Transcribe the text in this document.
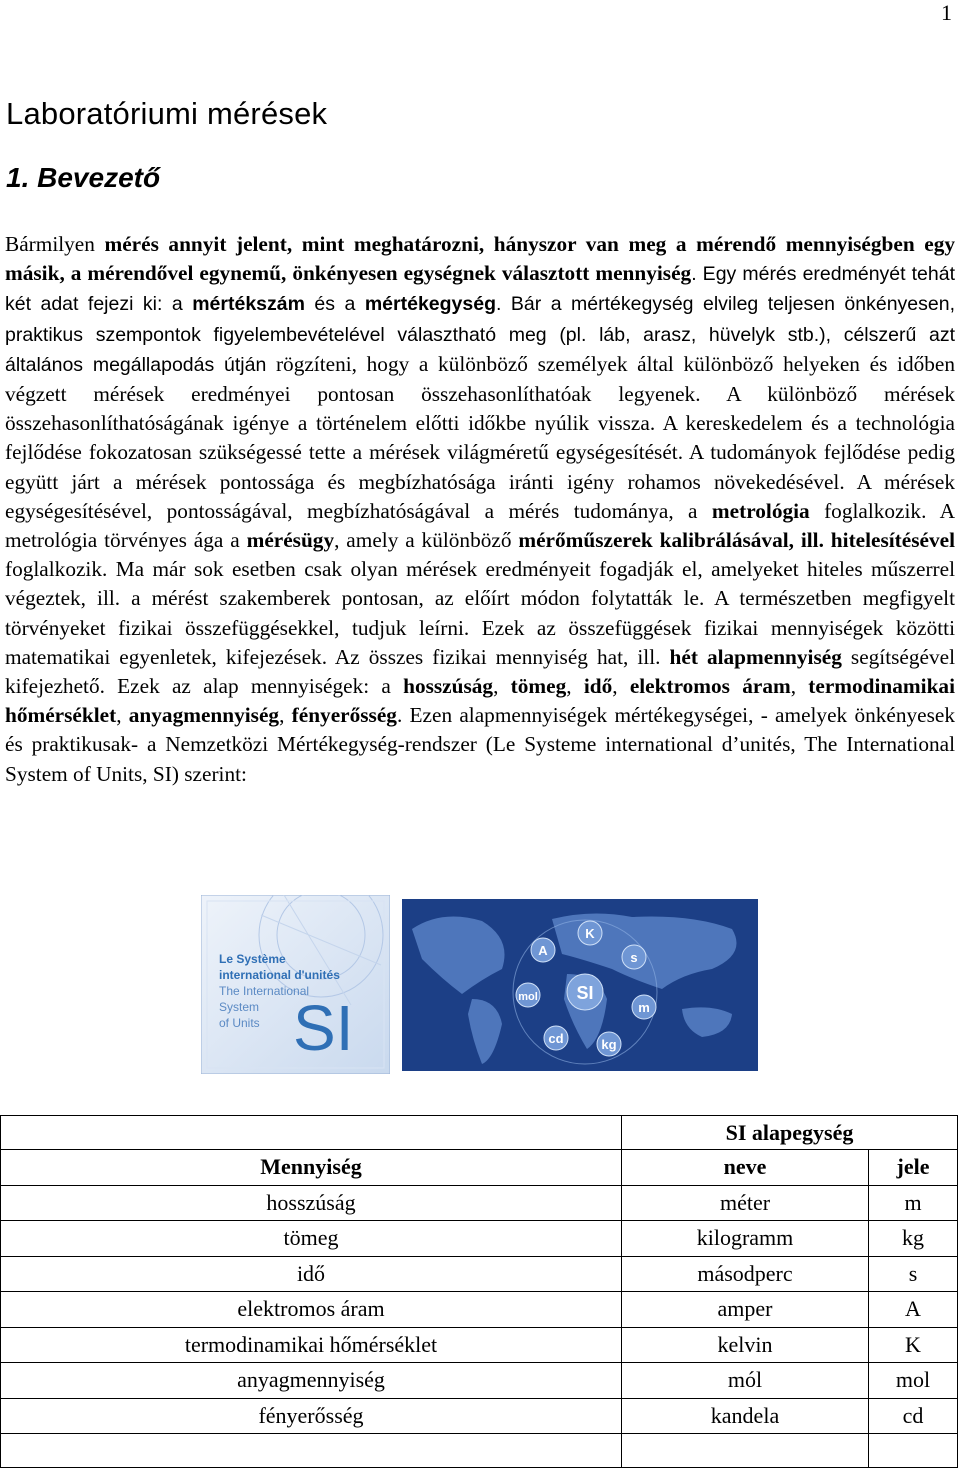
1
Laboratóriumi mérések
1. Bevezető
Bármilyen mérés annyit jelent, mint meghatározni, hányszor van meg a mérendő mennyiségben egy másik, a mérendővel egynemű, önkényesen egységnek választott mennyiség. Egy mérés eredményét tehát két adat fejezi ki: a mértékszám és a mértékegység. Bár a mértékegység elvileg teljesen önkényesen, praktikus szempontok figyelembevételével választható meg (pl. láb, arasz, hüvelyk stb.), célszerű azt általános megállapodás útján rögzíteni, hogy a különböző személyek által különböző helyeken és időben végzett mérések eredményei pontosan összehasonlíthatóak legyenek. A különböző mérések összehasonlíthatóságának igénye a történelem előtti időkbe nyúlik vissza. A kereskedelem és a technológia fejlődése fokozatosan szükségessé tette a mérések világméretű egységesítését. A tudományok fejlődése pedig együtt járt a mérések pontossága és megbízhatósága iránti igény rohamos növekedésével. A mérések egységesítésével, pontosságával, megbízhatóságával a mérés tudománya, a metrológia foglalkozik. A metrológia törvényes ága a mérésügy, amely a különböző mérőműszerek kalibrálásával, ill. hitelesítésével foglalkozik. Ma már sok esetben csak olyan mérések eredményeit fogadják el, amelyeket hiteles műszerrel végeztek, ill. a mérést szakemberek pontosan, az előírt módon folytatták le. A természetben megfigyelt törvényeket fizikai összefüggésekkel, tudjuk leírni. Ezek az összefüggések fizikai mennyiségek közötti matematikai egyenletek, kifejezések. Az összes fizikai mennyiség hat, ill. hét alapmennyiség segítségével kifejezhető. Ezek az alap mennyiségek: a hosszúság, tömeg, idő, elektromos áram, termodinamikai hőmérséklet, anyagmennyiség, fényerősség. Ezen alapmennyiségek mértékegységei, - amelyek önkényesek és praktikusak- a Nemzetközi Mértékegység-rendszer (Le Systeme international d’unités, The International System of Units, SI) szerint:
Le Système
international d'unités
The International
System
of Units SI	SI
K
A	s
mol
m
cd	kg
	SI alapegység	
Mennyiség	neve	jele
hosszúság	méter	m
tömeg	kilogramm	kg
idő	másodperc	s
elektromos áram	amper	A
termodinamikai hőmérséklet	kelvin	K
anyagmennyiség	mól	mol
fényerősség	kandela	cd
